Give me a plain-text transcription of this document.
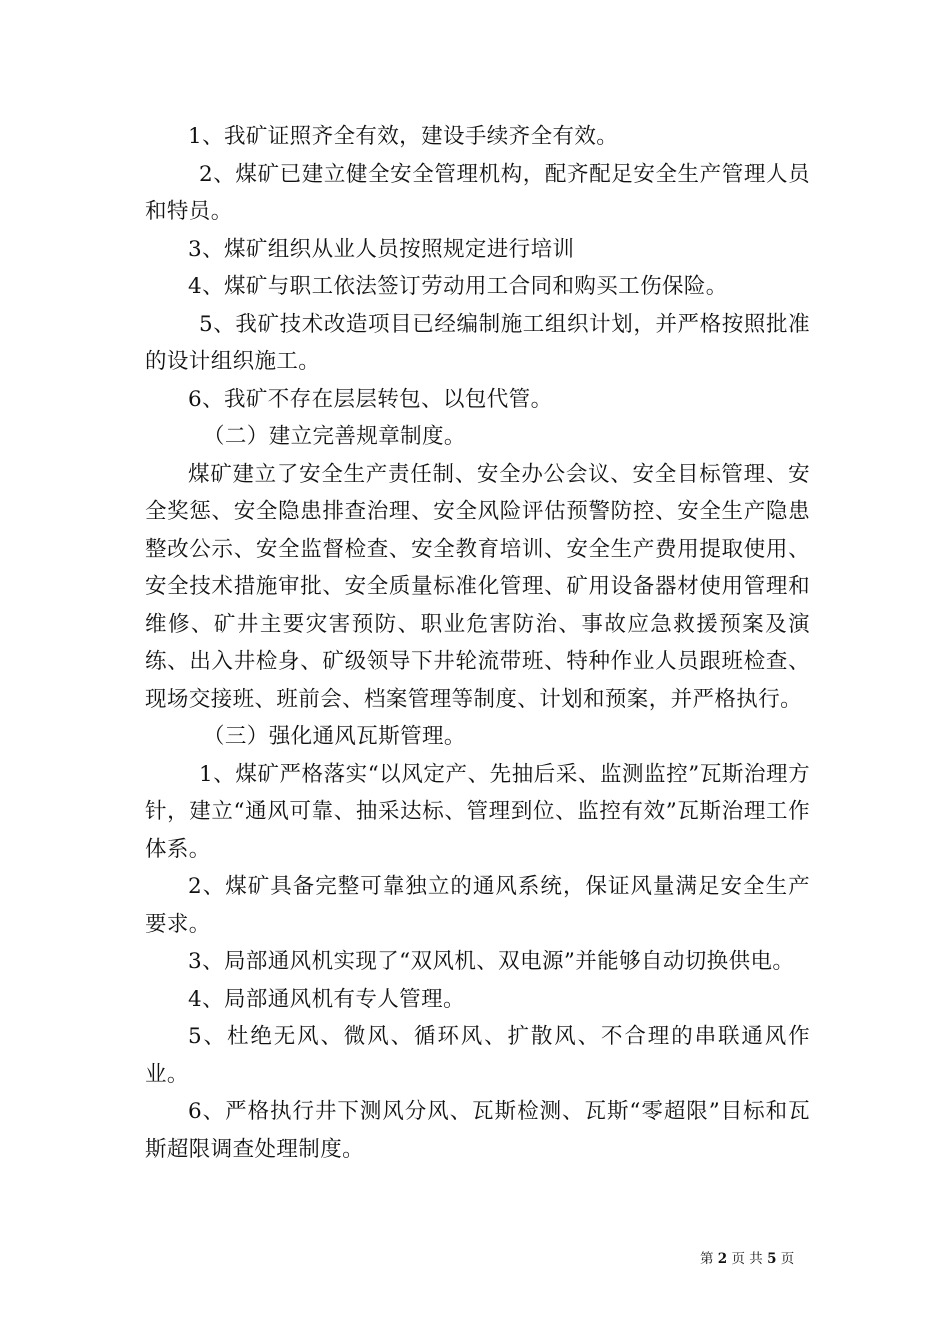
1、我矿证照齐全有效，建设手续齐全有效。

2、煤矿已建立健全安全管理机构，配齐配足安全生产管理人员和特员。

3、煤矿组织从业人员按照规定进行培训

4、煤矿与职工依法签订劳动用工合同和购买工伤保险。

5、我矿技术改造项目已经编制施工组织计划，并严格按照批准的设计组织施工。

6、我矿不存在层层转包、以包代管。

（二）建立完善规章制度。

煤矿建立了安全生产责任制、安全办公会议、安全目标管理、安全奖惩、安全隐患排查治理、安全风险评估预警防控、安全生产隐患整改公示、安全监督检查、安全教育培训、安全生产费用提取使用、安全技术措施审批、安全质量标准化管理、矿用设备器材使用管理和维修、矿井主要灾害预防、职业危害防治、事故应急救援预案及演练、出入井检身、矿级领导下井轮流带班、特种作业人员跟班检查、现场交接班、班前会、档案管理等制度、计划和预案，并严格执行。

（三）强化通风瓦斯管理。

1、煤矿严格落实“以风定产、先抽后采、监测监控”瓦斯治理方针，建立“通风可靠、抽采达标、管理到位、监控有效”瓦斯治理工作体系。

2、煤矿具备完整可靠独立的通风系统，保证风量满足安全生产要求。

3、局部通风机实现了“双风机、双电源”并能够自动切换供电。

4、局部通风机有专人管理。

5、杜绝无风、微风、循环风、扩散风、不合理的串联通风作业。

6、严格执行井下测风分风、瓦斯检测、瓦斯“零超限”目标和瓦斯超限调查处理制度。

第 2 页 共 5 页
